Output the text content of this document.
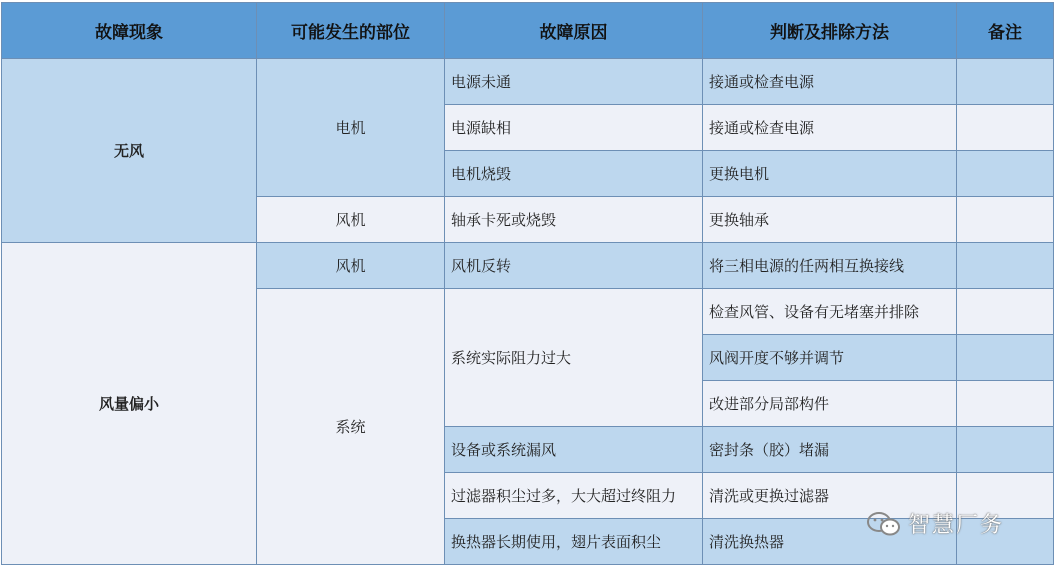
故障现象	可能发生的部位	故障原因	判断及排除方法	备注
无风	电机	电源未通	接通或检查电源	
		电源缺相	接通或检查电源	
		电机烧毁	更换电机	
	风机	轴承卡死或烧毁	更换轴承	
风量偏小	风机	风机反转	将三相电源的任两相互换接线	
	系统	系统实际阻力过大	检查风管、设备有无堵塞并排除	
			风阀开度不够并调节	
			改进部分局部构件	
		设备或系统漏风	密封条（胶）堵漏	
		过滤器积尘过多，大大超过终阻力	清洗或更换过滤器	
		换热器长期使用，翅片表面积尘	清洗换热器	
智慧厂务
